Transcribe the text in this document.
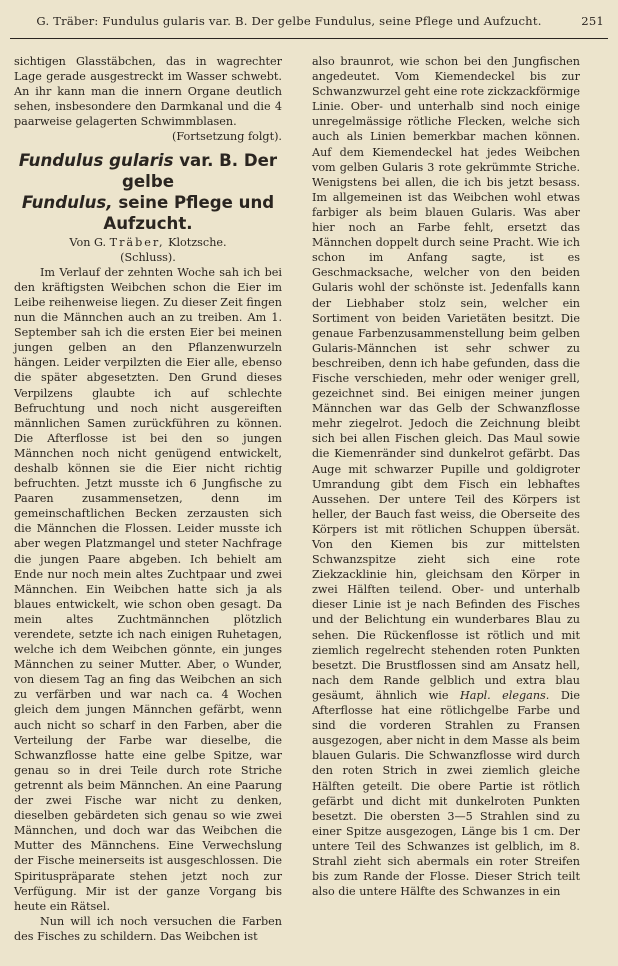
G. Träber: Fundulus gularis var. B. Der gelbe Fundulus, seine Pflege und Aufzucht.	251

sichtigen Glasstäbchen, das in wagrechter Lage gerade ausgestreckt im Wasser schwebt. An ihr kann man die innern Organe deutlich sehen, insbesondere den Darmkanal und die 4 paarweise gelagerten Schwimmblasen.

(Fortsetzung folgt).

Fundulus gularis var. B. Der gelbe
Fundulus, seine Pflege und Aufzucht.

Von G. Träber, Klotzsche.

(Schluss).

Im Verlauf der zehnten Woche sah ich bei den kräftigsten Weibchen schon die Eier im Leibe reihenweise liegen. Zu dieser Zeit fingen nun die Männchen auch an zu treiben. Am 1. September sah ich die ersten Eier bei meinen jungen gelben an den Pflanzenwurzeln hängen. Leider verpilzten die Eier alle, ebenso die später abgesetzten. Den Grund dieses Verpilzens glaubte ich auf schlechte Befruchtung und noch nicht ausgereiften männlichen Samen zurückführen zu können. Die Afterflosse ist bei den so jungen Männchen noch nicht genügend entwickelt, deshalb können sie die Eier nicht richtig befruchten. Jetzt musste ich 6 Jungfische zu Paaren zusammensetzen, denn im gemeinschaftlichen Becken zerzausten sich die Männchen die Flossen. Leider musste ich aber wegen Platzmangel und steter Nachfrage die jungen Paare abgeben. Ich behielt am Ende nur noch mein altes Zuchtpaar und zwei Männchen. Ein Weibchen hatte sich ja als blaues entwickelt, wie schon oben gesagt. Da mein altes Zuchtmännchen plötzlich verendete, setzte ich nach einigen Ruhetagen, welche ich dem Weibchen gönnte, ein junges Männchen zu seiner Mutter. Aber, o Wunder, von diesem Tag an fing das Weibchen an sich zu verfärben und war nach ca. 4 Wochen gleich dem jungen Männchen gefärbt, wenn auch nicht so scharf in den Farben, aber die Verteilung der Farbe war dieselbe, die Schwanzflosse hatte eine gelbe Spitze, war genau so in drei Teile durch rote Striche getrennt als beim Männchen. An eine Paarung der zwei Fische war nicht zu denken, dieselben gebärdeten sich genau so wie zwei Männchen, und doch war das Weibchen die Mutter des Männchens. Eine Verwechslung der Fische meinerseits ist ausgeschlossen. Die Spirituspräparate stehen jetzt noch zur Verfügung. Mir ist der ganze Vorgang bis heute ein Rätsel.

Nun will ich noch versuchen die Farben des Fisches zu schildern. Das Weibchen ist

also braunrot, wie schon bei den Jungfischen angedeutet. Vom Kiemendeckel bis zur Schwanzwurzel geht eine rote zickzackförmige Linie. Ober- und unterhalb sind noch einige unregelmässige rötliche Flecken, welche sich auch als Linien bemerkbar machen können. Auf dem Kiemendeckel hat jedes Weibchen vom gelben Gularis 3 rote gekrümmte Striche. Wenigstens bei allen, die ich bis jetzt besass. Im allgemeinen ist das Weibchen wohl etwas farbiger als beim blauen Gularis. Was aber hier noch an Farbe fehlt, ersetzt das Männchen doppelt durch seine Pracht. Wie ich schon im Anfang sagte, ist es Geschmacksache, welcher von den beiden Gularis wohl der schönste ist. Jedenfalls kann der Liebhaber stolz sein, welcher ein Sortiment von beiden Varietäten besitzt. Die genaue Farbenzusammenstellung beim gelben Gularis-Männchen ist sehr schwer zu beschreiben, denn ich habe gefunden, dass die Fische verschieden, mehr oder weniger grell, gezeichnet sind. Bei einigen meiner jungen Männchen war das Gelb der Schwanzflosse mehr ziegelrot. Jedoch die Zeichnung bleibt sich bei allen Fischen gleich. Das Maul sowie die Kiemenränder sind dunkelrot gefärbt. Das Auge mit schwarzer Pupille und goldigroter Umrandung gibt dem Fisch ein lebhaftes Aussehen. Der untere Teil des Körpers ist heller, der Bauch fast weiss, die Oberseite des Körpers ist mit rötlichen Schuppen übersät. Von den Kiemen bis zur mittelsten Schwanzspitze zieht sich eine rote Ziekzacklinie hin, gleichsam den Körper in zwei Hälften teilend. Ober- und unterhalb dieser Linie ist je nach Befinden des Fisches und der Belichtung ein wunderbares Blau zu sehen. Die Rückenflosse ist rötlich und mit ziemlich regelrecht stehenden roten Punkten besetzt. Die Brustflossen sind am Ansatz hell, nach dem Rande gelblich und extra blau gesäumt, ähnlich wie Hapl. elegans. Die Afterflosse hat eine rötlichgelbe Farbe und sind die vorderen Strahlen zu Fransen ausgezogen, aber nicht in dem Masse als beim blauen Gularis. Die Schwanzflosse wird durch den roten Strich in zwei ziemlich gleiche Hälften geteilt. Die obere Partie ist rötlich gefärbt und dicht mit dunkelroten Punkten besetzt. Die obersten 3—5 Strahlen sind zu einer Spitze ausgezogen, Länge bis 1 cm. Der untere Teil des Schwanzes ist gelblich, im 8. Strahl zieht sich abermals ein roter Streifen bis zum Rande der Flosse. Dieser Strich teilt also die untere Hälfte des Schwanzes in ein
